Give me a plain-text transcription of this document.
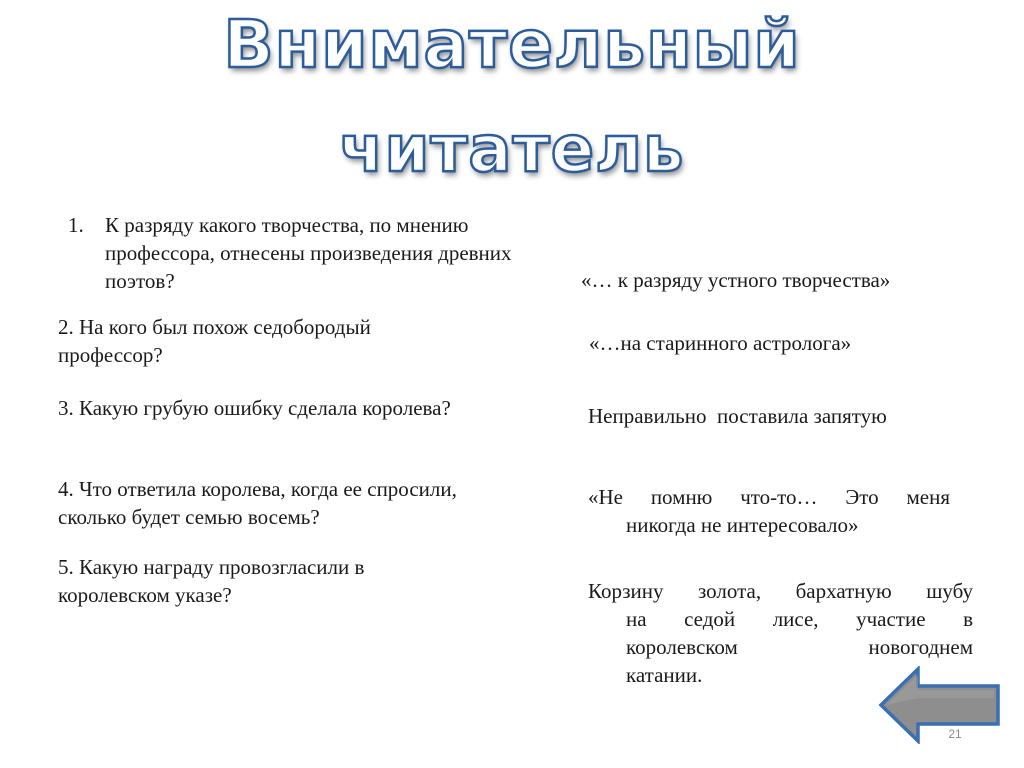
Внимательный
читатель
1.	К разряду какого творчества, по мнению профессора, отнесены произведения древних поэтов?
2. На кого был похож седобородый
профессор?
3. Какую грубую ошибку сделала королева?
4. Что ответила королева, когда ее спросили,
сколько будет семью восемь?
5. Какую награду провозгласили в
королевском указе?
«… к разряду устного творчества»
«…на старинного астролога»
Неправильно  поставила запятую
«Не помню что-то… Это меня
никогда не интересовало»
Корзину золота, бархатную шубу
на седой лисе, участие в
королевском новогоднем
катании.
21
